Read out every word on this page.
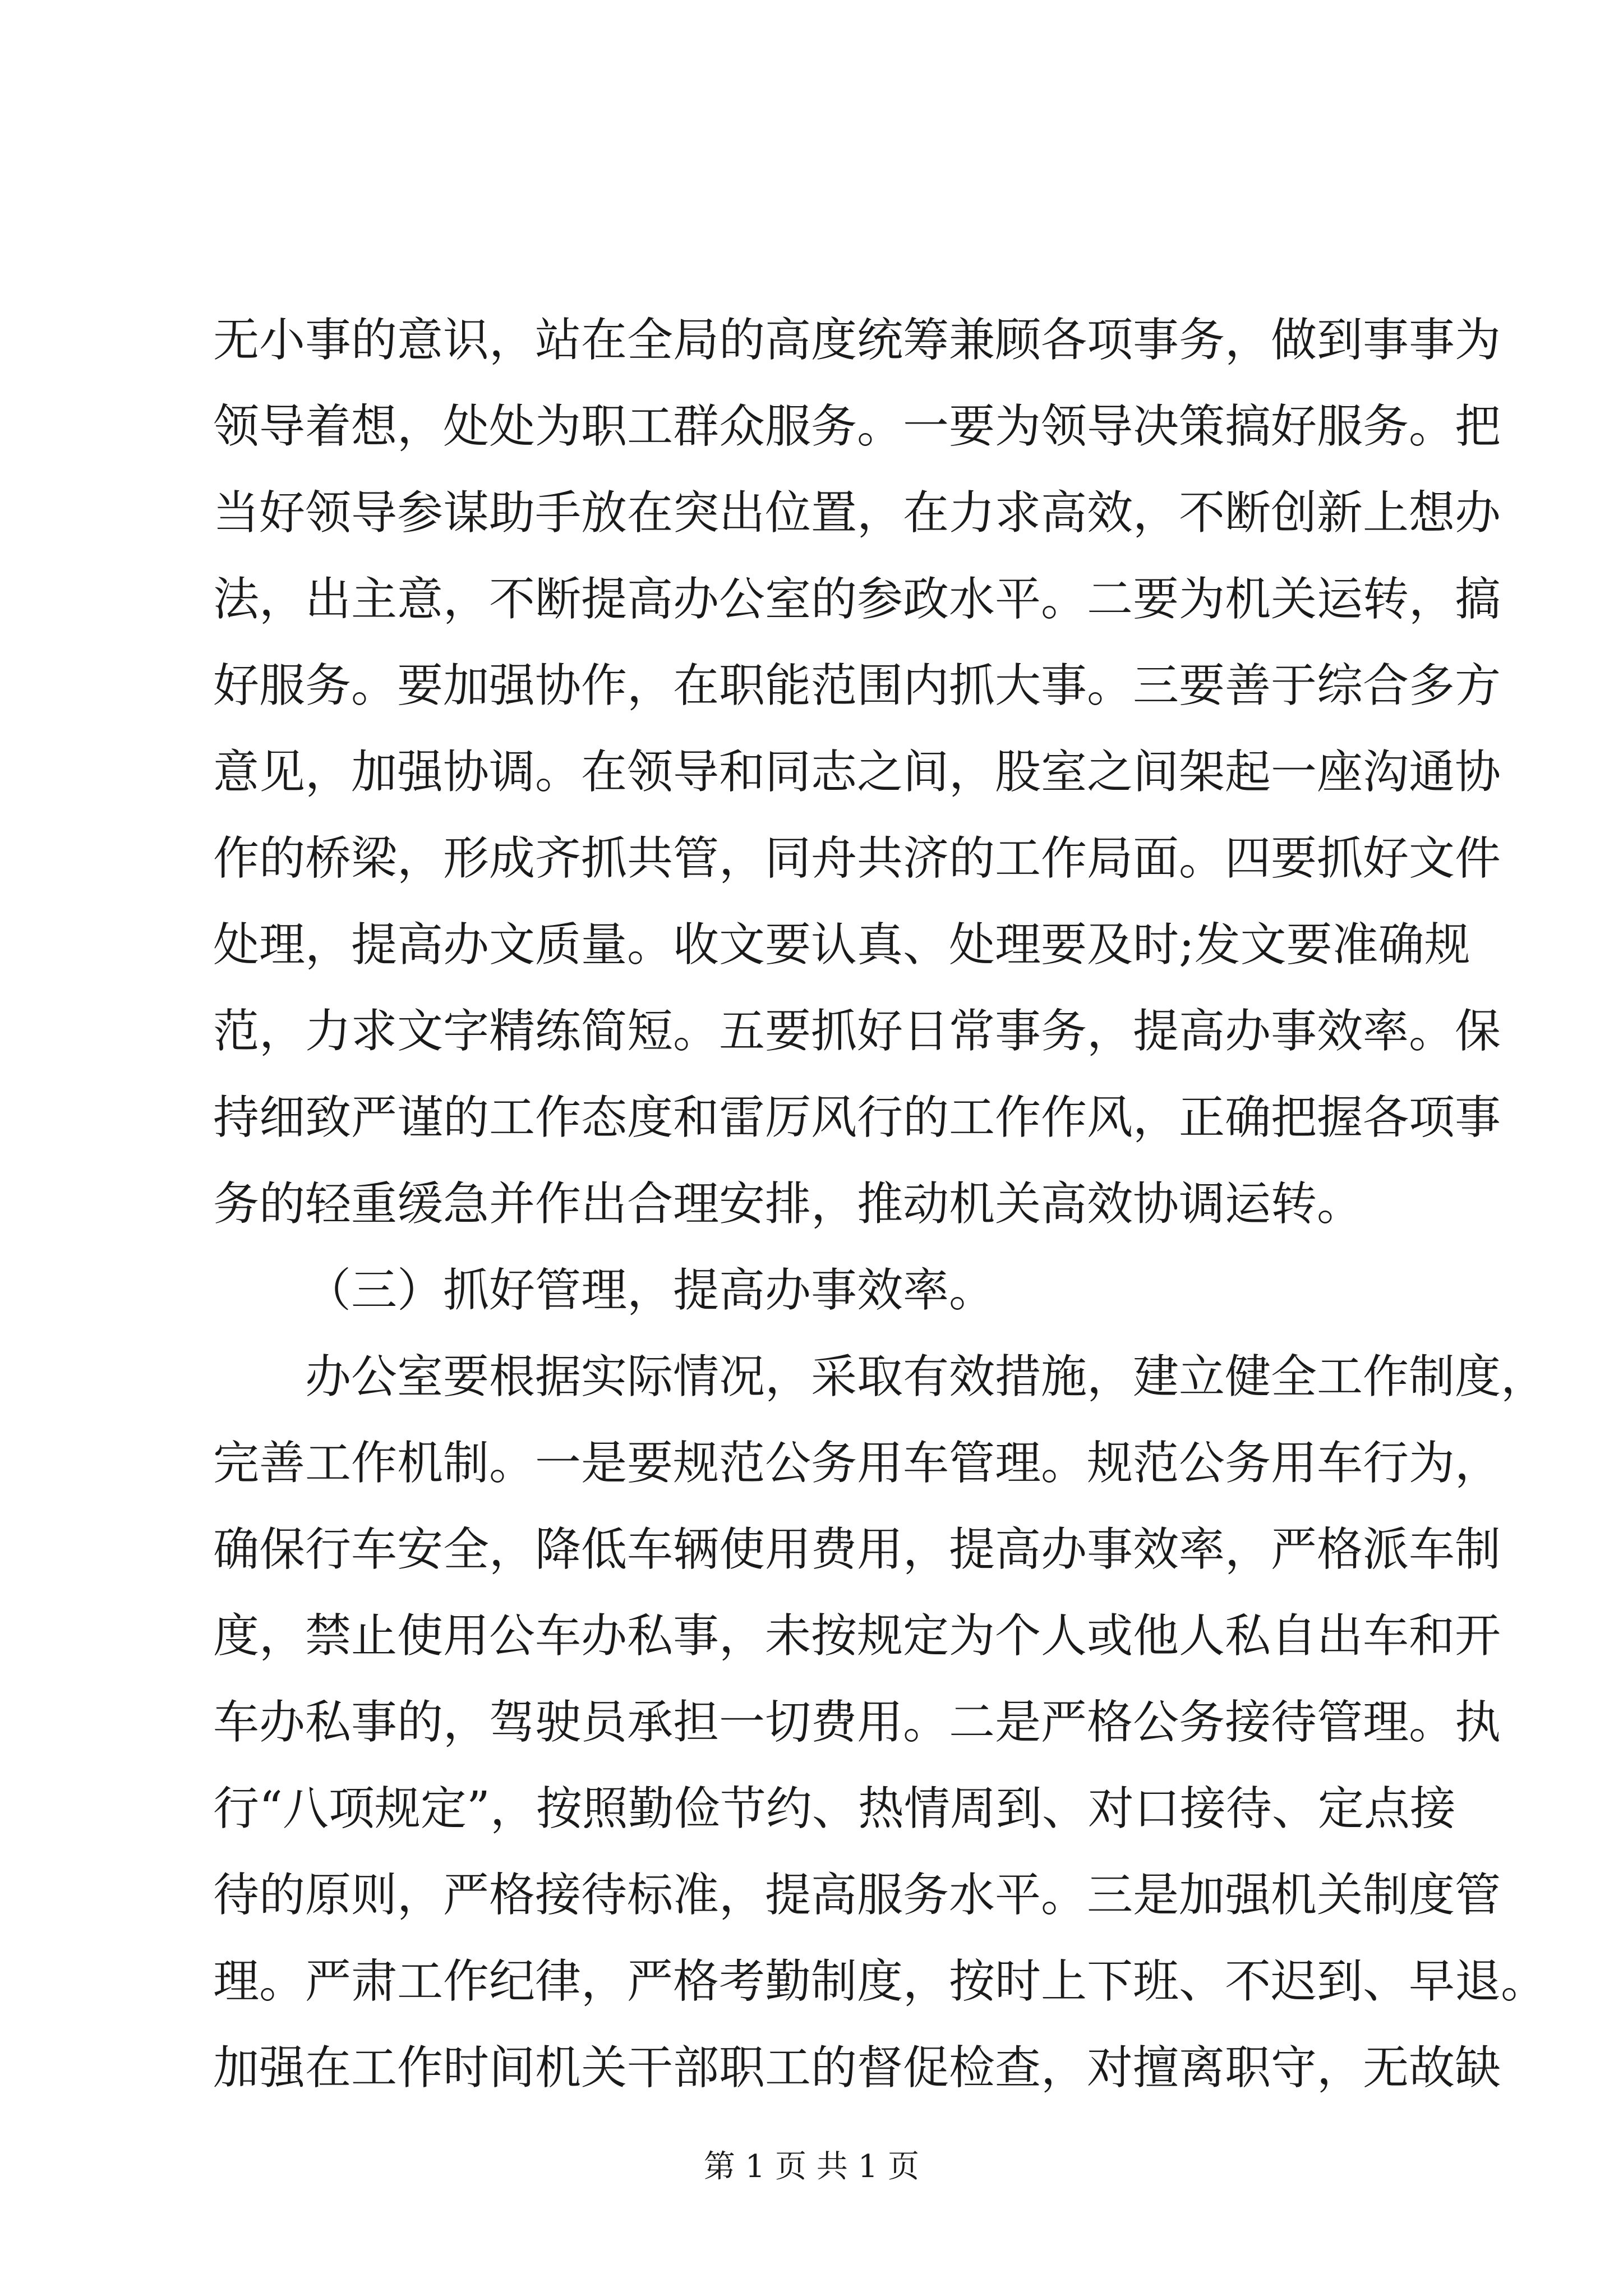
无小事的意识，站在全局的高度统筹兼顾各项事务，做到事事为
领导着想，处处为职工群众服务。一要为领导决策搞好服务。把
当好领导参谋助手放在突出位置，在力求高效，不断创新上想办
法，出主意，不断提高办公室的参政水平。二要为机关运转，搞
好服务。要加强协作，在职能范围内抓大事。三要善于综合多方
意见，加强协调。在领导和同志之间，股室之间架起一座沟通协
作的桥梁，形成齐抓共管，同舟共济的工作局面。四要抓好文件
处理，提高办文质量。收文要认真、处理要及时;发文要准确规
范，力求文字精练简短。五要抓好日常事务，提高办事效率。保
持细致严谨的工作态度和雷厉风行的工作作风，正确把握各项事
务的轻重缓急并作出合理安排，推动机关高效协调运转。
（三）抓好管理，提高办事效率。
办公室要根据实际情况，采取有效措施，建立健全工作制度，
完善工作机制。一是要规范公务用车管理。规范公务用车行为，
确保行车安全，降低车辆使用费用，提高办事效率，严格派车制
度，禁止使用公车办私事，未按规定为个人或他人私自出车和开
车办私事的，驾驶员承担一切费用。二是严格公务接待管理。执
行“八项规定”，按照勤俭节约、热情周到、对口接待、定点接
待的原则，严格接待标准，提高服务水平。三是加强机关制度管
理。严肃工作纪律，严格考勤制度，按时上下班、不迟到、早退。
加强在工作时间机关干部职工的督促检查，对擅离职守，无故缺
第 1 页 共 1 页
